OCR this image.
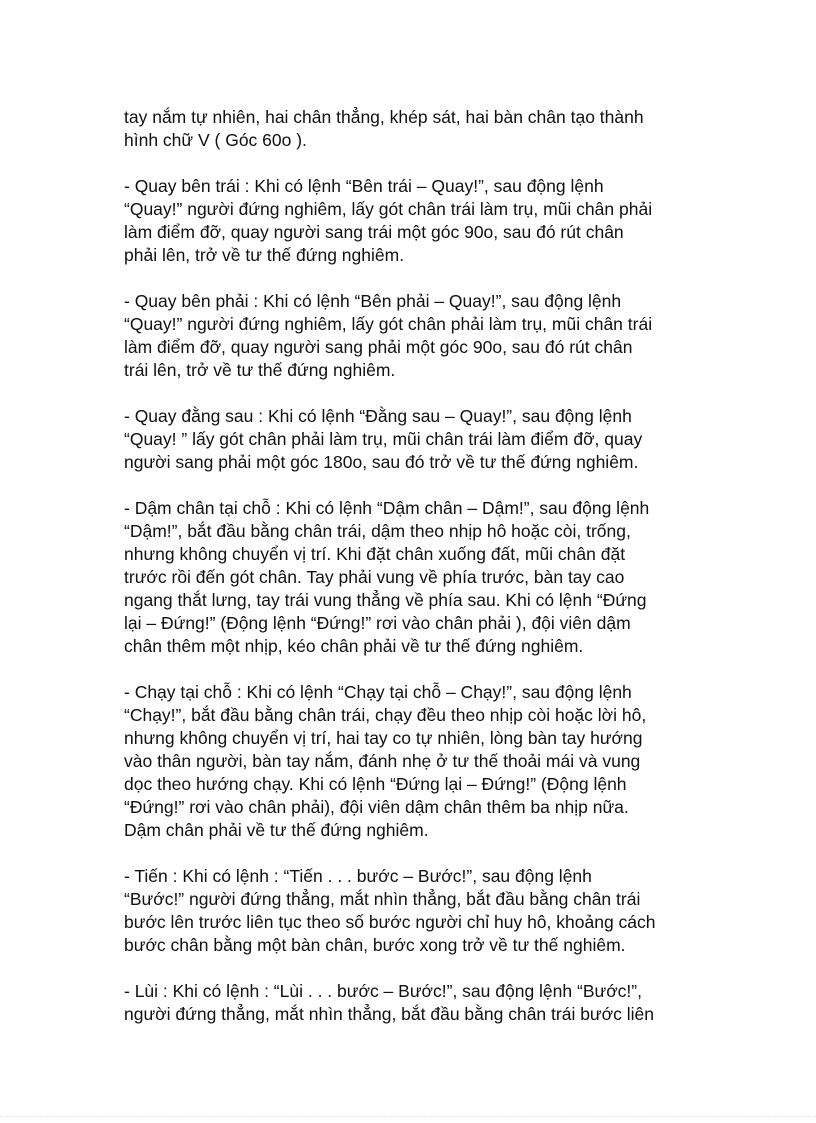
tay nắm tự nhiên, hai chân thẳng, khép sát, hai bàn chân tạo thành
hình chữ V ( Góc 60o ).

- Quay bên trái : Khi có lệnh “Bên trái – Quay!”, sau động lệnh
“Quay!” người đứng nghiêm, lấy gót chân trái làm trụ, mũi chân phải
làm điểm đỡ, quay người sang trái một góc 90o, sau đó rút chân
phải lên, trở về tư thế đứng nghiêm.

- Quay bên phải : Khi có lệnh “Bên phải – Quay!”, sau động lệnh
“Quay!” người đứng nghiêm, lấy gót chân phải làm trụ, mũi chân trái
làm điểm đỡ, quay người sang phải một góc 90o, sau đó rút chân
trái lên, trở về tư thế đứng nghiêm.

- Quay đằng sau : Khi có lệnh “Đằng sau – Quay!”, sau động lệnh
“Quay! ” lấy gót chân phải làm trụ, mũi chân trái làm điểm đỡ, quay
người sang phải một góc 180o, sau đó trở về tư thế đứng nghiêm.

- Dậm chân tại chỗ : Khi có lệnh “Dậm chân – Dậm!”, sau động lệnh
“Dậm!”, bắt đầu bằng chân trái, dậm theo nhịp hô hoặc còi, trống,
nhưng không chuyển vị trí. Khi đặt chân xuống đất, mũi chân đặt
trước rồi đến gót chân. Tay phải vung về phía trước, bàn tay cao
ngang thắt lưng, tay trái vung thẳng về phía sau. Khi có lệnh “Đứng
lại – Đứng!” (Động lệnh “Đứng!” rơi vào chân phải ), đội viên dậm
chân thêm một nhịp, kéo chân phải về tư thế đứng nghiêm.

- Chạy tại chỗ : Khi có lệnh “Chạy tại chỗ – Chạy!”, sau động lệnh
“Chạy!”, bắt đầu bằng chân trái, chạy đều theo nhịp còi hoặc lời hô,
nhưng không chuyển vị trí, hai tay co tự nhiên, lòng bàn tay hướng
vào thân người, bàn tay nắm, đánh nhẹ ở tư thế thoải mái và vung
dọc theo hướng chạy. Khi có lệnh “Đứng lại – Đứng!” (Động lệnh
“Đứng!” rơi vào chân phải), đội viên dậm chân thêm ba nhịp nữa.
Dậm chân phải về tư thế đứng nghiêm.

- Tiến : Khi có lệnh : “Tiến . . . bước – Bước!”, sau động lệnh
“Bước!” người đứng thẳng, mắt nhìn thẳng, bắt đầu bằng chân trái
bước lên trước liên tục theo số bước người chỉ huy hô, khoảng cách
bước chân bằng một bàn chân, bước xong trở về tư thế nghiêm.

- Lùi : Khi có lệnh : “Lùi . . . bước – Bước!”, sau động lệnh “Bước!”,
người đứng thẳng, mắt nhìn thẳng, bắt đầu bằng chân trái bước liên
